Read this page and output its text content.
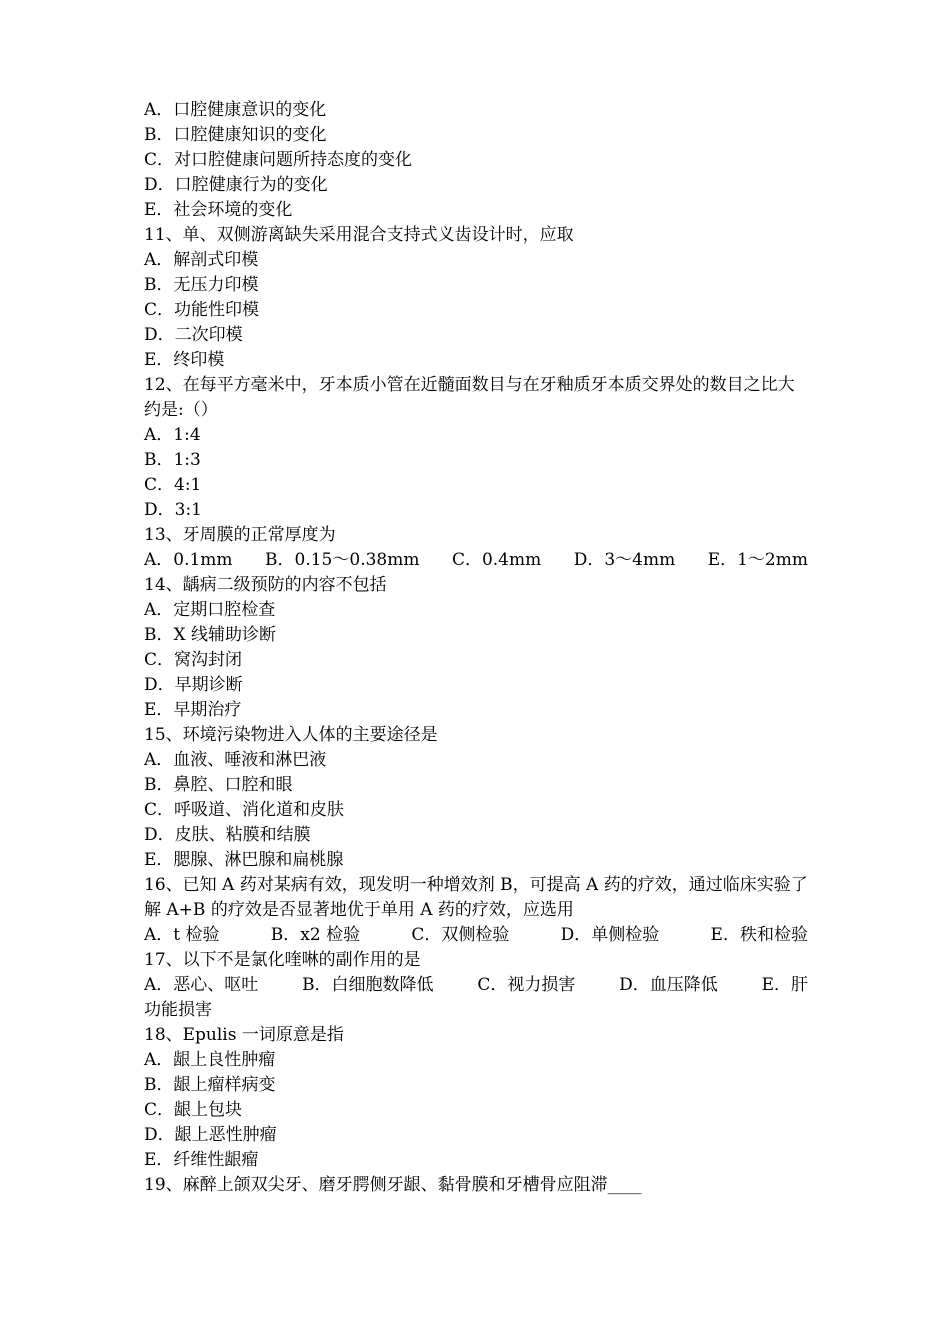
A．口腔健康意识的变化
B．口腔健康知识的变化
C．对口腔健康问题所持态度的变化
D．口腔健康行为的变化
E．社会环境的变化
11、单、双侧游离缺失采用混合支持式义齿设计时，应取
A．解剖式印模
B．无压力印模
C．功能性印模
D．二次印模
E．终印模
12、在每平方毫米中，牙本质小管在近髓面数目与在牙釉质牙本质交界处的数目之比大约是:（）
A．1:4
B．1:3
C．4:1
D．3:1
13、牙周膜的正常厚度为
A．0.1mm B．0.15～0.38mm C．0.4mm D．3～4mm E．1～2mm
14、龋病二级预防的内容不包括
A．定期口腔检查
B．X 线辅助诊断
C．窝沟封闭
D．早期诊断
E．早期治疗
15、环境污染物进入人体的主要途径是
A．血液、唾液和淋巴液
B．鼻腔、口腔和眼
C．呼吸道、消化道和皮肤
D．皮肤、粘膜和结膜
E．腮腺、淋巴腺和扁桃腺
16、已知 A 药对某病有效，现发明一种增效剂 B，可提高 A 药的疗效，通过临床实验了解 A+B 的疗效是否显著地优于单用 A 药的疗效，应选用
A．t 检验	B．x2 检验	C．双侧检验	D．单侧检验	E．秩和检验
17、以下不是氯化喹啉的副作用的是
A．恶心、呕吐	B．白细胞数降低	C．视力损害	D．血压降低	E．肝
功能损害
18、Epulis 一词原意是指
A．龈上良性肿瘤
B．龈上瘤样病变
C．龈上包块
D．龈上恶性肿瘤
E．纤维性龈瘤
19、麻醉上颌双尖牙、磨牙腭侧牙龈、黏骨膜和牙槽骨应阻滞____
